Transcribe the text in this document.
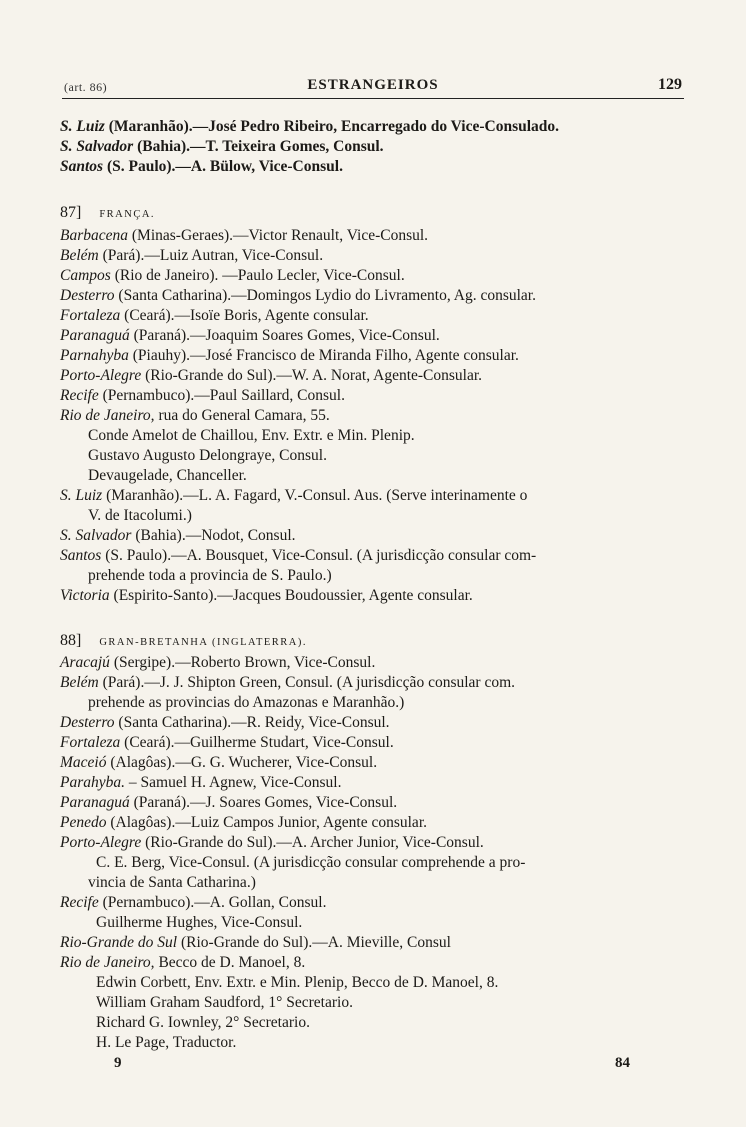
(art. 86)	ESTRANGEIROS	129
S. Luiz (Maranhão).—José Pedro Ribeiro, Encarregado do Vice-Consulado.
S. Salvador (Bahia).—T. Teixeira Gomes, Consul.
Santos (S. Paulo).—A. Bülow, Vice-Consul.
87] FRANÇA.
Barbacena (Minas-Geraes).—Victor Renault, Vice-Consul.
Belém (Pará).—Luiz Autran, Vice-Consul.
Campos (Rio de Janeiro). —Paulo Lecler, Vice-Consul.
Desterro (Santa Catharina).—Domingos Lydio do Livramento, Ag. consular.
Fortaleza (Ceará).—Isoïe Boris, Agente consular.
Paranaguá (Paraná).—Joaquim Soares Gomes, Vice-Consul.
Parnahyba (Piauhy).—José Francisco de Miranda Filho, Agente consular.
Porto-Alegre (Rio-Grande do Sul).—W. A. Norat, Agente-Consular.
Recife (Pernambuco).—Paul Saillard, Consul.
Rio de Janeiro, rua do General Camara, 55.
Conde Amelot de Chaillou, Env. Extr. e Min. Plenip.
Gustavo Augusto Delongraye, Consul.
Devaugelade, Chanceller.
S. Luiz (Maranhão).—L. A. Fagard, V.-Consul. Aus. (Serve interinamente o
V. de Itacolumi.)
S. Salvador (Bahia).—Nodot, Consul.
Santos (S. Paulo).—A. Bousquet, Vice-Consul. (A jurisdicção consular com-
prehende toda a provincia de S. Paulo.)
Victoria (Espirito-Santo).—Jacques Boudoussier, Agente consular.
88] GRAN-BRETANHA (INGLATERRA).
Aracajú (Sergipe).—Roberto Brown, Vice-Consul.
Belém (Pará).—J. J. Shipton Green, Consul. (A jurisdicção consular com.
prehende as provincias do Amazonas e Maranhão.)
Desterro (Santa Catharina).—R. Reidy, Vice-Consul.
Fortaleza (Ceará).—Guilherme Studart, Vice-Consul.
Maceió (Alagôas).—G. G. Wucherer, Vice-Consul.
Parahyba. – Samuel H. Agnew, Vice-Consul.
Paranaguá (Paraná).—J. Soares Gomes, Vice-Consul.
Penedo (Alagôas).—Luiz Campos Junior, Agente consular.
Porto-Alegre (Rio-Grande do Sul).—A. Archer Junior, Vice-Consul.
C. E. Berg, Vice-Consul. (A jurisdicção consular comprehende a pro-
vincia de Santa Catharina.)
Recife (Pernambuco).—A. Gollan, Consul.
Guilherme Hughes, Vice-Consul.
Rio-Grande do Sul (Rio-Grande do Sul).—A. Mieville, Consul
Rio de Janeiro, Becco de D. Manoel, 8.
Edwin Corbett, Env. Extr. e Min. Plenip, Becco de D. Manoel, 8.
William Graham Saudford, 1° Secretario.
Richard G. Iownley, 2° Secretario.
H. Le Page, Traductor.
9	84
